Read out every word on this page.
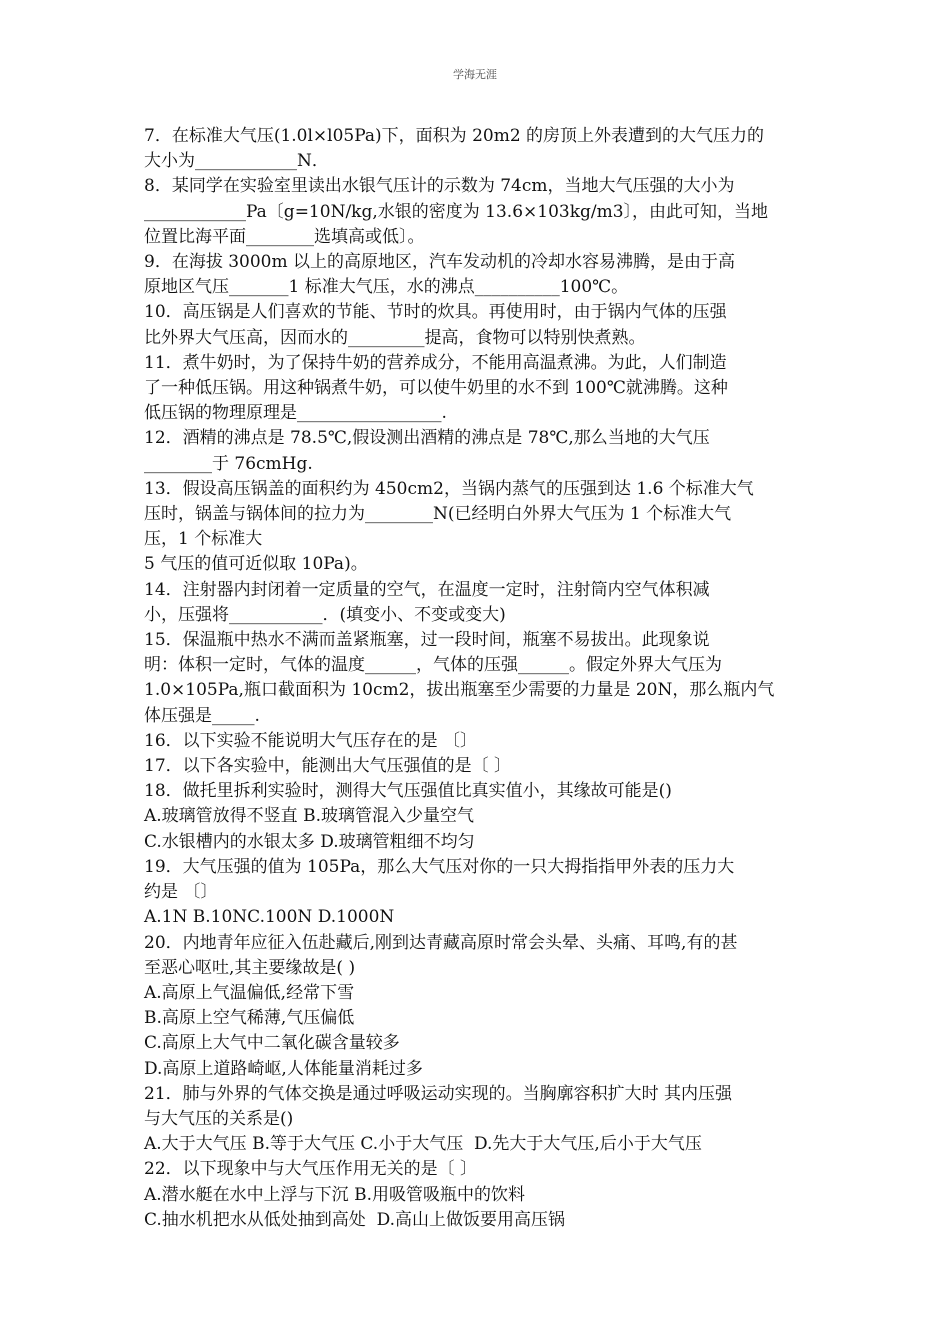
学海无涯

7．在标准大气压(1.0l×l05Pa)下，面积为 20m2 的房顶上外表遭到的大气压力的

大小为____________N．

8．某同学在实验室里读出水银气压计的示数为 74cm，当地大气压强的大小为

____________Pa〔g=10N/kg,水银的密度为 13.6×103kg/m3〕，由此可知，当地

位置比海平面________选填高或低〕。

9．在海拔 3000m 以上的高原地区，汽车发动机的冷却水容易沸腾，是由于高

原地区气压_______1 标准大气压，水的沸点__________100℃。

10．高压锅是人们喜欢的节能、节时的炊具。再使用时，由于锅内气体的压强

比外界大气压高，因而水的_________提高，食物可以特别快煮熟。

11．煮牛奶时，为了保持牛奶的营养成分，不能用高温煮沸。为此，人们制造

了一种低压锅。用这种锅煮牛奶，可以使牛奶里的水不到 100℃就沸腾。这种

低压锅的物理原理是_________________.

12．酒精的沸点是 78.5℃,假设测出酒精的沸点是 78℃,那么当地的大气压

________于 76cmHg.

13．假设高压锅盖的面积约为 450cm2，当锅内蒸气的压强到达 1.6 个标准大气

压时，锅盖与锅体间的拉力为________N(已经明白外界大气压为 1 个标准大气

压，1 个标准大

5 气压的值可近似取 10Pa)。

14．注射器内封闭着一定质量的空气，在温度一定时，注射筒内空气体积减

小，压强将___________．(填变小、不变或变大)

15．保温瓶中热水不满而盖紧瓶塞，过一段时间，瓶塞不易拔出。此现象说

明：体积一定时，气体的温度______，气体的压强______。假定外界大气压为

1.0×105Pa,瓶口截面积为 10cm2，拔出瓶塞至少需要的力量是 20N，那么瓶内气

体压强是_____.

16．以下实验不能说明大气压存在的是 〔〕

17．以下各实验中，能测出大气压强值的是〔 〕

18．做托里拆利实验时，测得大气压强值比真实值小，其缘故可能是()

A.玻璃管放得不竖直 B.玻璃管混入少量空气

C.水银槽内的水银太多 D.玻璃管粗细不均匀

19．大气压强的值为 105Pa，那么大气压对你的一只大拇指指甲外表的压力大

约是 〔〕

A.1N B.10NC.100N D.1000N

20．内地青年应征入伍赴藏后,刚到达青藏高原时常会头晕、头痛、耳鸣,有的甚

至恶心呕吐,其主要缘故是( )

A.高原上气温偏低,经常下雪

B.高原上空气稀薄,气压偏低

C.高原上大气中二氧化碳含量较多

D.高原上道路崎岖,人体能量消耗过多

21．肺与外界的气体交换是通过呼吸运动实现的。当胸廓容积扩大时 其内压强

与大气压的关系是()

A.大于大气压 B.等于大气压 C.小于大气压  D.先大于大气压,后小于大气压

22．以下现象中与大气压作用无关的是〔 〕

A.潜水艇在水中上浮与下沉 B.用吸管吸瓶中的饮料

C.抽水机把水从低处抽到高处  D.高山上做饭要用高压锅
